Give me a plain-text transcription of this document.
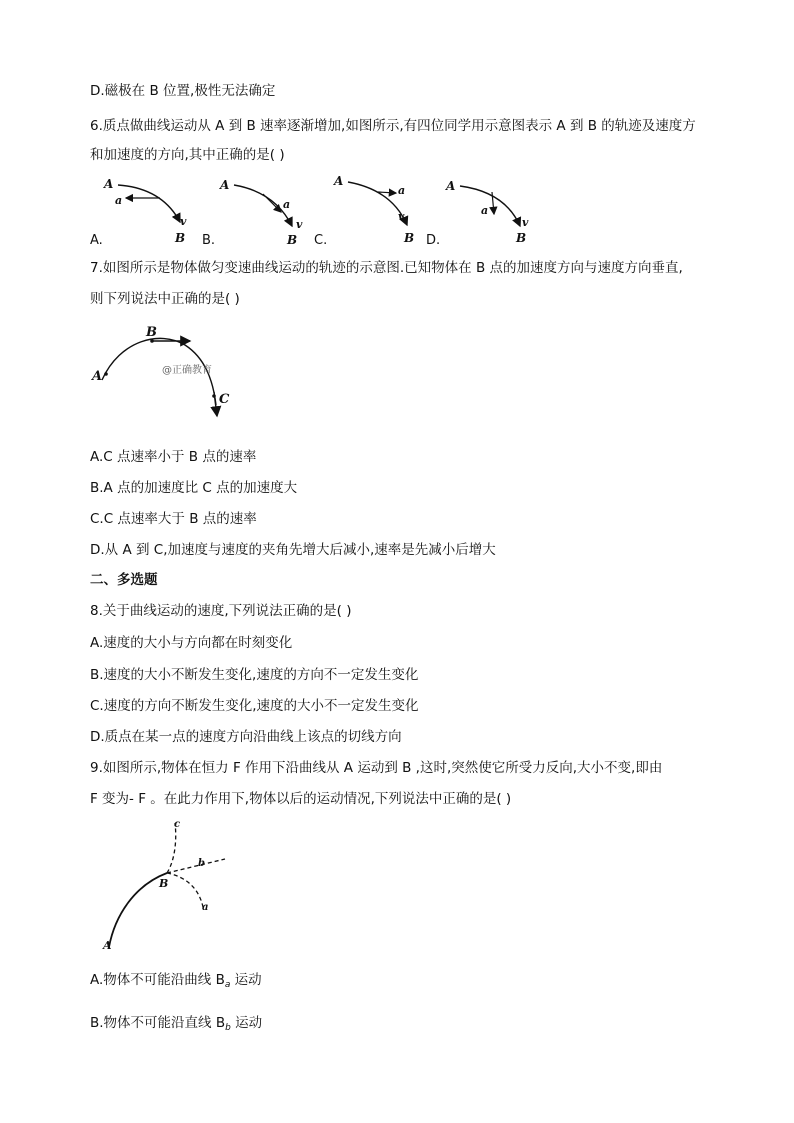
D.磁极在 B 位置,极性无法确定
6.质点做曲线运动从 A 到 B 速率逐渐增加,如图所示,有四位同学用示意图表示 A 到 B 的轨迹及速度方
和加速度的方向,其中正确的是( )
A
a
v
B
A
a
v
B
A
a
v
B
A
a
v
B
A.	B.	C.	D.
7.如图所示是物体做匀变速曲线运动的轨迹的示意图.已知物体在 B 点的加速度方向与速度方向垂直,
则下列说法中正确的是( )
A
B
C
@正确教育
A.C 点速率小于 B 点的速率
B.A 点的加速度比 C 点的加速度大
C.C 点速率大于 B 点的速率
D.从 A 到 C,加速度与速度的夹角先增大后减小,速率是先减小后增大
二、多选题
8.关于曲线运动的速度,下列说法正确的是( )
A.速度的大小与方向都在时刻变化
B.速度的大小不断发生变化,速度的方向不一定发生变化
C.速度的方向不断发生变化,速度的大小不一定发生变化
D.质点在某一点的速度方向沿曲线上该点的切线方向
9.如图所示,物体在恒力 F 作用下沿曲线从 A 运动到 B ,这时,突然使它所受力反向,大小不变,即由
F 变为- F 。在此力作用下,物体以后的运动情况,下列说法中正确的是( )
A
B
c
b
a
A.物体不可能沿曲线 $B_a$ 运动
B.物体不可能沿直线 $B_b$ 运动
